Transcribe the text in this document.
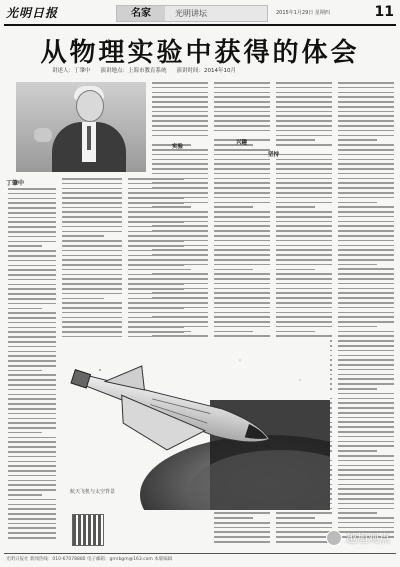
光明日报	名家	光明讲坛	2015年1月29日 星期四	11
从物理实验中获得的体会
讲述人：丁肇中 演讲地点：上海市教育系统 演讲时间：2014年10月
丁肇中
实验
兴趣
坚持
航天飞机与太空背景
越旭观点
光明日报社 新闻热线：010-67078880 电子邮箱：gmrbgm@163.com 本版编辑
